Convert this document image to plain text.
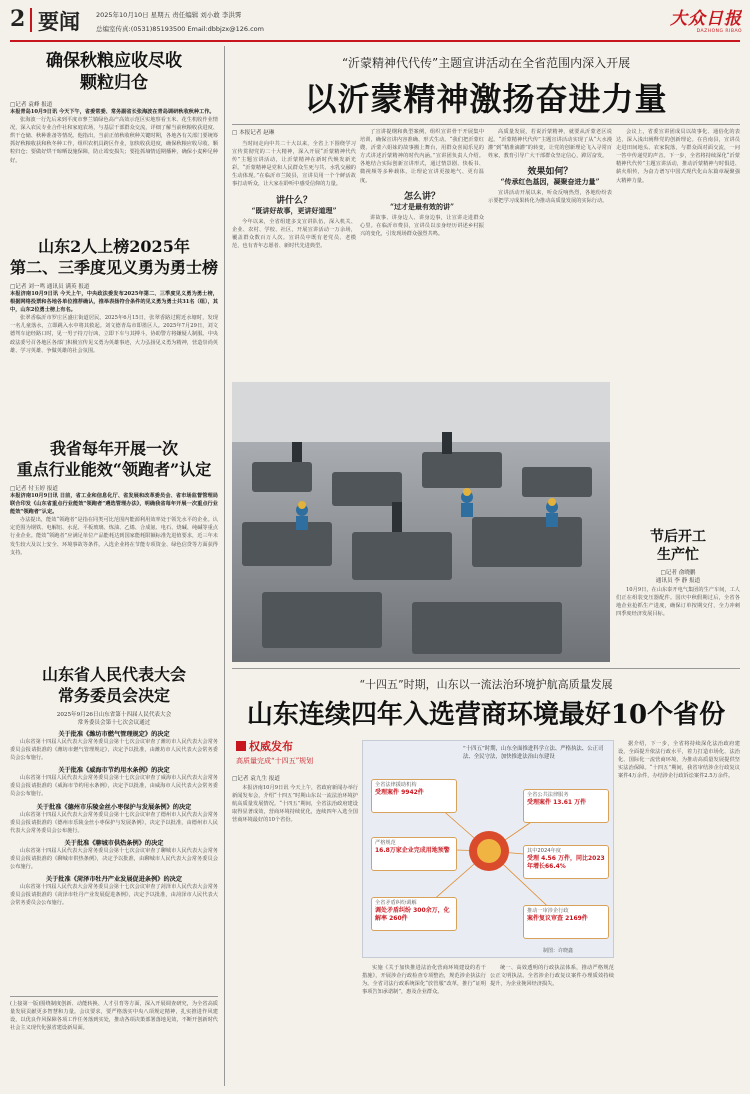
2 要闻 2025年10月10日 星期五 责任编辑 刘小敢 李洪霁
总编室传真:(0531)85193500 Email:dbbjzx@126.com	大众日报
DAZHONG RIBAO
确保秋粮应收尽收
颗粒归仓
□记者 袁峰 报道
本报青岛10月9日讯 今天下午，省委常委、常务副省长张海波在青岛调研秋收秋种工作。
张海波一行先后来到平度市蓼兰镇绿色高产高效示范区实地察看玉米、花生机收作业情况，深入农民专业合作社和家庭农场，与基层干部群众交流，详细了解当前秋粮收获进度、烘干仓储、秋种准备等情况。他指出，当前正值秋收秋种关键时期，各地各有关部门要统筹抓好秋粮收获和秋冬种工作，组织农机具跨区作业，加快收获进度，确保秋粮应收尽收、颗粒归仓；要做好烘干晾晒设施保障，防止霉变损失；要抢抓墒情适期播种，确保小麦种足种好。
山东2人上榜2025年
第二、三季度见义勇为勇士榜
□记者 刘一鸣 通讯员 满英 报道
本报济南10月9日讯 今天上午，中央政法委发布2025年第二、三季度见义勇为勇士榜，根据网络投票和各地各单位推荐确认，推举表扬符合条件的见义勇为勇士共31名（组），其中，山东2位勇士榜上有名。
张翠香临沂市罗庄区盛庄街道居民。2025年6月15日，张翠香路过附近水塘时，发现一名儿童落水，立即跳入水中将其救起。刘文德青岛市即墨区人。2025年7月29日，刘文德驾车途经路口时，见一男子持刀行凶，立即下车与其搏斗，协助警方将嫌疑人制服。中央政法委号召各地区各部门积极宣传见义勇为英雄事迹，大力弘扬见义勇为精神，营造崇尚英雄、学习英雄、争做英雄的社会氛围。
我省每年开展一次
重点行业能效“领跑者”认定
□记者 付玉婷 报道
本报济南10月9日讯 日前，省工业和信息化厅、省发展和改革委员会、省市场监督管理局联合印发《山东省重点行业能效“领跑者”遴选管理办法》，明确我省每年开展一次重点行业能效“领跑者”认定。
办法提出，能效“领跑者”是指在同类可比范围内能源利用效率处于领先水平的企业。认定范围为钢铁、电解铝、水泥、平板玻璃、炼油、乙烯、合成氨、电石、烧碱、纯碱等重点行业企业。能效“领跑者”应满足单位产品能耗达到国家能耗限额标准先进值要求，近三年未发生较大及以上安全、环境事故等条件。入选企业将在节能专项资金、绿色信贷等方面获得支持。
山东省人民代表大会
常务委员会决定
2025年9月26日山东省第十四届人民代表大会
常务委员会第十七次会议通过
关于批准《潍坊市燃气管理规定》的决定
山东省第十四届人民代表大会常务委员会第十七次会议审查了潍坊市人民代表大会常务委员会报请批准的《潍坊市燃气管理规定》，决定予以批准，由潍坊市人民代表大会常务委员会公布施行。
关于批准《威海市节约用水条例》的决定
山东省第十四届人民代表大会常务委员会第十七次会议审查了威海市人民代表大会常务委员会报请批准的《威海市节约用水条例》，决定予以批准，由威海市人民代表大会常务委员会公布施行。
关于批准《德州市乐陵金丝小枣保护与发展条例》的决定
山东省第十四届人民代表大会常务委员会第十七次会议审查了德州市人民代表大会常务委员会报请批准的《德州市乐陵金丝小枣保护与发展条例》，决定予以批准，由德州市人民代表大会常务委员会公布施行。
关于批准《聊城市供热条例》的决定
山东省第十四届人民代表大会常务委员会第十七次会议审查了聊城市人民代表大会常务委员会报请批准的《聊城市供热条例》，决定予以批准，由聊城市人民代表大会常务委员会公布施行。
关于批准《菏泽市牡丹产业发展促进条例》的决定
山东省第十四届人民代表大会常务委员会第十七次会议审查了菏泽市人民代表大会常务委员会报请批准的《菏泽市牡丹产业发展促进条例》，决定予以批准，由菏泽市人民代表大会常务委员会公布施行。
(上接第一版)围绕制度创新、动能转换、人才引育等方面，深入开展调查研究，为全省高质量发展贡献更多智慧和力量。会议要求，要严格落实中央八项规定精神，扎实推进作风建设，以优良作风保障各项工作任务落到实处，推动各项决策部署落地见效，不断开创新时代社会主义现代化强省建设新局面。
“沂蒙精神代代传”主题宣讲活动在全省范围内深入开展
以沂蒙精神激扬奋进力量
□ 本报记者 赵琳
当时间走向中共二十大以来，全省上下围绕学习宣传贯彻党的二十大精神，深入开展“沂蒙精神代代传”主题宣讲活动，让沂蒙精神在新时代焕发新光彩。“沂蒙精神是党和人民群众生死与共、水乳交融的生动体现。”在临沂市兰陵县，宣讲员用一个个鲜活故事打动听众，让大家在聆听中感受信仰的力量。
讲什么？
“既讲好故事，更讲好道理”
今年以来，全省组建多支宣讲队伍，深入机关、企业、农村、学校、社区，开展宣讲活动一万余场，覆盖群众数百万人次。宣讲员中既有老党员、老模范，也有青年志愿者、新时代先进典型。
了宣讲提纲和典型案例，组织宣讲骨干开展集中培训，确保宣讲内容准确、形式生动。“我们把沂蒙红嫂、沂蒙六姐妹的故事搬上舞台，用群众喜闻乐见的方式讲述沂蒙精神的时代内涵。”宣讲团负责人介绍。各地结合实际创新宣讲形式，通过情景剧、快板书、微视频等多种载体，让理论宣讲更接地气、更有温度。
怎么讲？
“过才是最有效的讲”
讲故事、讲身边人、讲身边事，让宣讲走进群众心里。在临沂市费县，宣讲员以亲身经历讲述乡村振兴的变化，引发现场群众强烈共鸣。
高质量发展，若说沂蒙精神，就要从沂蒙老区说起。“沂蒙精神代代传”主题宣讲活动实现了从“大水漫灌”到“精准滴灌”的转变，让党的创新理论飞入寻常百姓家，教育引导广大干部群众坚定信心，踔厉奋发。
效果如何？
“传承红色基因，凝聚奋进力量”
宣讲活动开展以来，听众反响热烈，各地纷纷表示要把学习成果转化为推动高质量发展的实际行动。
会议上，省委宣讲团成员以故事化、通俗化的表达，深入浅出阐释党的创新理论。在莒南县，宣讲员走进田间地头、农家院落，与群众面对面交流，一问一答中传递党的声音。下一步，全省将持续深化“沂蒙精神代代传”主题宣讲活动，推动沂蒙精神与时俱进、薪火相传，为奋力谱写中国式现代化山东篇章凝聚强大精神力量。
节后开工
生产忙
□记者 俞晓鹏
通讯员 李 静 报道
10月9日，在山东泰开电气集团的生产车间，工人们正在组装变压器配件。国庆中秋假期过后，全省各地企业抢抓生产进度，确保订单按期交付，全力冲刺四季度经济发展目标。
“十四五”时期，山东以一流法治环境护航高质量发展
山东连续四年入选营商环境最好10个省份
权威发布
高质量完成“十四五”规划
□记者 袁九生 报道
本报济南10月9日讯 今天上午，省政府新闻办举行新闻发布会，介绍“十四五”时期山东以一流法治环境护航高质量发展情况。“十四五”期间，全省法治政府建设取得显著成效，营商环境持续优化，连续四年入选全国营商环境最好的10个省份。
“十四五”时期，山东全面推进科学立法、严格执法、公正司法、全民守法，加快推进法治山东建设
全省法律援助机构
受理案件 9942件	全省公共法律服务
受理案件 13.61 万件
严格规范
16.8万家企业完成用地预警	其中2024年度
受理 4.56 万件，同比2023年增长66.4%
全省矛盾纠纷调解
调处矛盾纠纷 300余万，化解率 260件
推动一审涉企行政
案件复议审查 2169件
制图：许晓鑫
实施《关于加快推进法治化营商环境建设的若干措施》，开展涉企行政检查专项整治，规范涉企执法行为。全省司法行政系统深化“放管服”改革，推行“证明事项告知承诺制”，惠及企业群众。
统一、高效透明的行政执法体系，推动严格规范公正文明执法。全省涉企行政复议案件办理质效持续提升，为企业挽回经济损失。
据介绍，下一步，全省将持续深化法治政府建设，全面提升依法行政水平，着力打造市场化、法治化、国际化一流营商环境，为推动高质量发展提供坚实法治保障。“十四五”期间，我省审结涉企行政复议案件4万余件，办结涉企行政诉讼案件2.5万余件。
